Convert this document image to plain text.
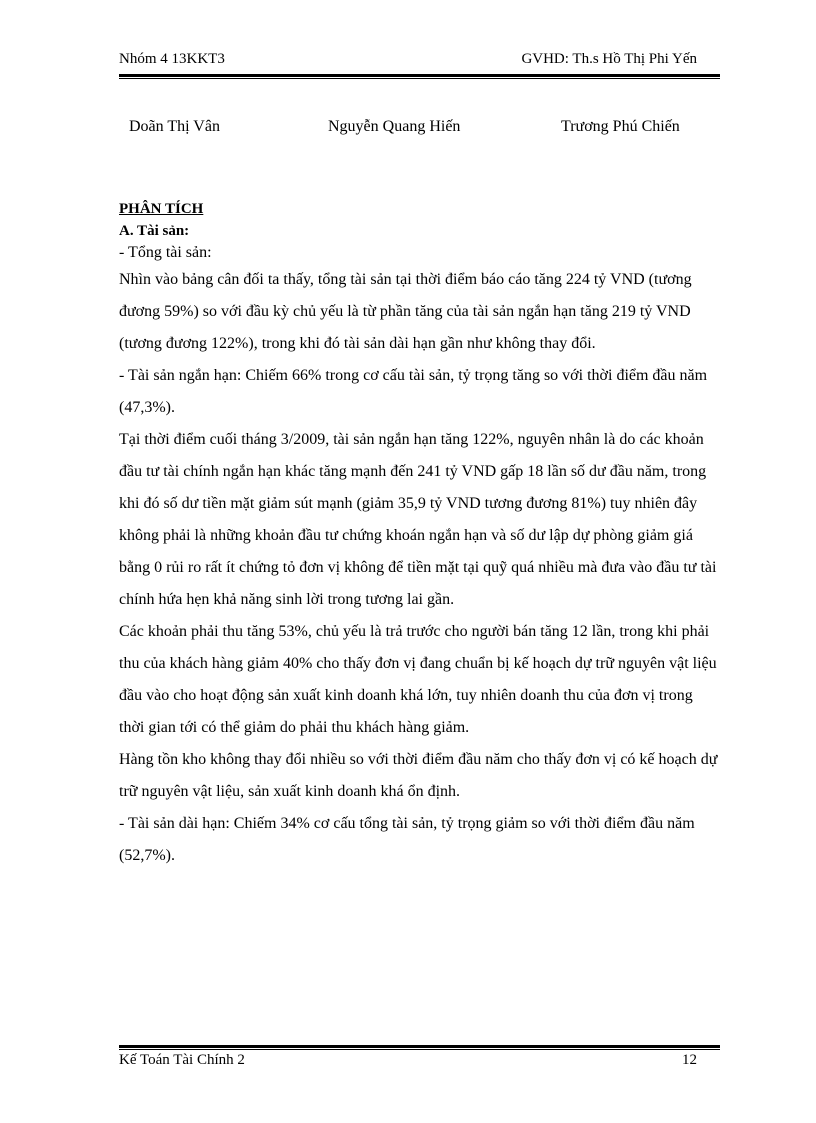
Nhóm 4 13KKT3	GVHD: Th.s Hồ Thị Phi Yến
Doãn Thị Vân	Nguyễn Quang Hiến	Trương Phú Chiến

PHÂN TÍCH

A. Tài sản:

- Tổng tài sản:

Nhìn vào bảng cân đối ta thấy, tổng tài sản tại thời điểm báo cáo tăng 224 tỷ VND (tương đương 59%) so với đầu kỳ chủ yếu là từ phần tăng của tài sản ngắn hạn tăng 219 tỷ VND (tương đương 122%), trong khi đó tài sản dài hạn gần như không thay đổi.

- Tài sản ngắn hạn: Chiếm 66% trong cơ cấu tài sản, tỷ trọng tăng so với thời điểm đầu năm (47,3%).

Tại thời điểm cuối tháng 3/2009, tài sản ngắn hạn tăng 122%, nguyên nhân là do các khoản đầu tư tài chính ngắn hạn khác tăng mạnh đến 241 tỷ VND gấp 18 lần số dư đầu năm, trong khi đó số dư tiền mặt giảm sút mạnh (giảm 35,9 tỷ VND tương đương 81%) tuy nhiên đây không phải là những khoản đầu tư chứng khoán ngắn hạn và số dư lập dự phòng giảm giá bằng 0 rủi ro rất ít chứng tỏ đơn vị không để tiền mặt tại quỹ quá nhiều mà đưa vào đầu tư tài chính hứa hẹn khả năng sinh lời trong tương lai gần.

Các khoản phải thu tăng 53%, chủ yếu là trả trước cho người bán tăng 12 lần, trong khi phải thu của khách hàng giảm 40% cho thấy đơn vị đang chuẩn bị kế hoạch dự trữ nguyên vật liệu đầu vào cho hoạt động sản xuất kinh doanh khá lớn, tuy nhiên doanh thu của đơn vị trong thời gian tới có thể giảm do phải thu khách hàng giảm.

Hàng tồn kho không thay đổi nhiều so với thời điểm đầu năm cho thấy đơn vị có kế hoạch dự trữ nguyên vật liệu, sản xuất kinh doanh khá ổn định.

- Tài sản dài hạn: Chiếm 34% cơ cấu tổng tài sản, tỷ trọng giảm so với thời điểm đầu năm (52,7%).

Kế Toán Tài Chính 2	12
